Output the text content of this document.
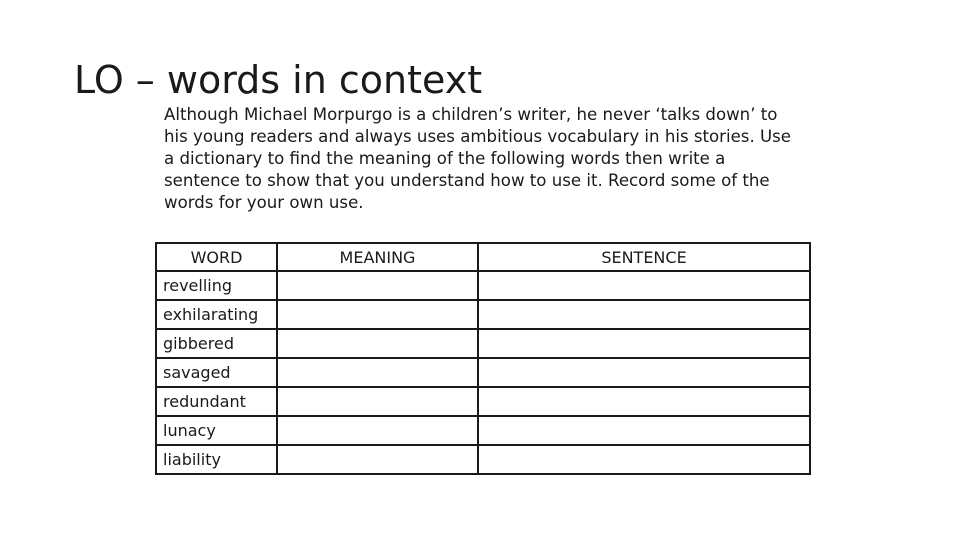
LO – words in context

Although Michael Morpurgo is a children’s writer, he never ‘talks down’ to his young readers and always uses ambitious vocabulary in his stories. Use a dictionary to find the meaning of the following words then write a sentence to show that you understand how to use it. Record some of the words for your own use.

WORD	MEANING	SENTENCE
revelling		
exhilarating		
gibbered		
savaged		
redundant		
lunacy		
liability		
